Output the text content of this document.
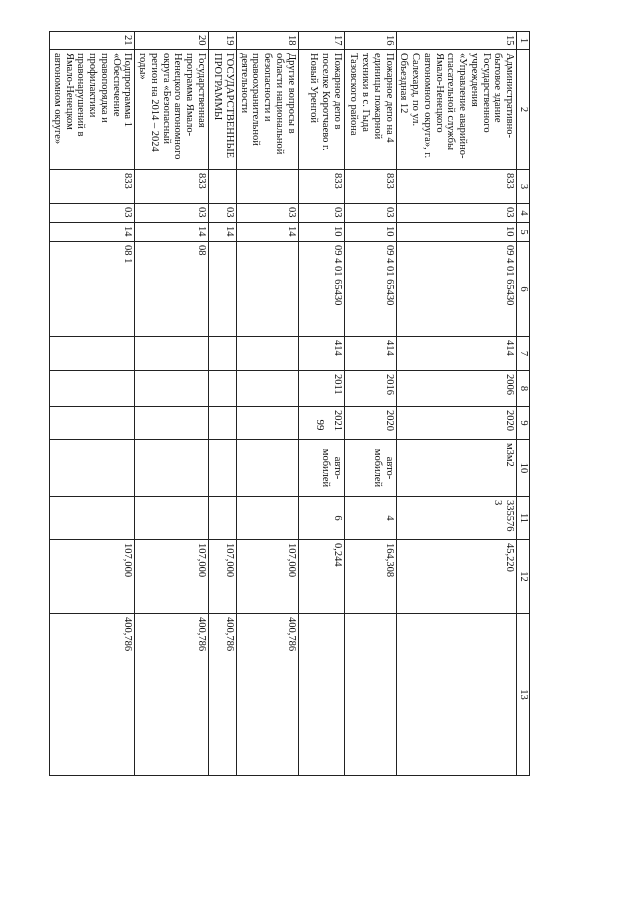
99
1	2	3	4	5	6	7	8	9	10	11	12	13
15	Административно-бытовое здание Государственного учреждения «Управление аварийно-спасательной службы Ямало-Ненецкого автономного округа», г. Салехард, по ул. Объездная 12	833	03	10	09 4 01 65430	414	2006	2020	м3м2	3355763	45,220	
16	Пожарное депо на 4 единицы пожарной техники в с. Гыда Тазовского района	833	03	10	09 4 01 65430	414	2016	2020	авто-мобилей	4	164,308	
17	Пожарное депо в поселке Коротчаево г. Новый Уренгой	833	03	10	09 4 01 65430	414	2011	2021	авто-мобилей	6	0,244	
18	Другие вопросы в области национальной безопасности и правоохранительной деятельности		03	14							107,000	400,786
19	ГОСУДАРСТВЕННЫЕ ПРОГРАММЫ		03	14							107,000	400,786
20	Государственная программа Ямало-Ненецкого автономного округа «Безопасный регион на 2014 – 2024 годы»	833	03	14	08						107,000	400,786
21	Подпрограмма 1 «Обеспечение правопорядка и профилактики правонарушений в Ямало-Ненецком автономном округе»	833	03	14	08 1						107,000	400,786
